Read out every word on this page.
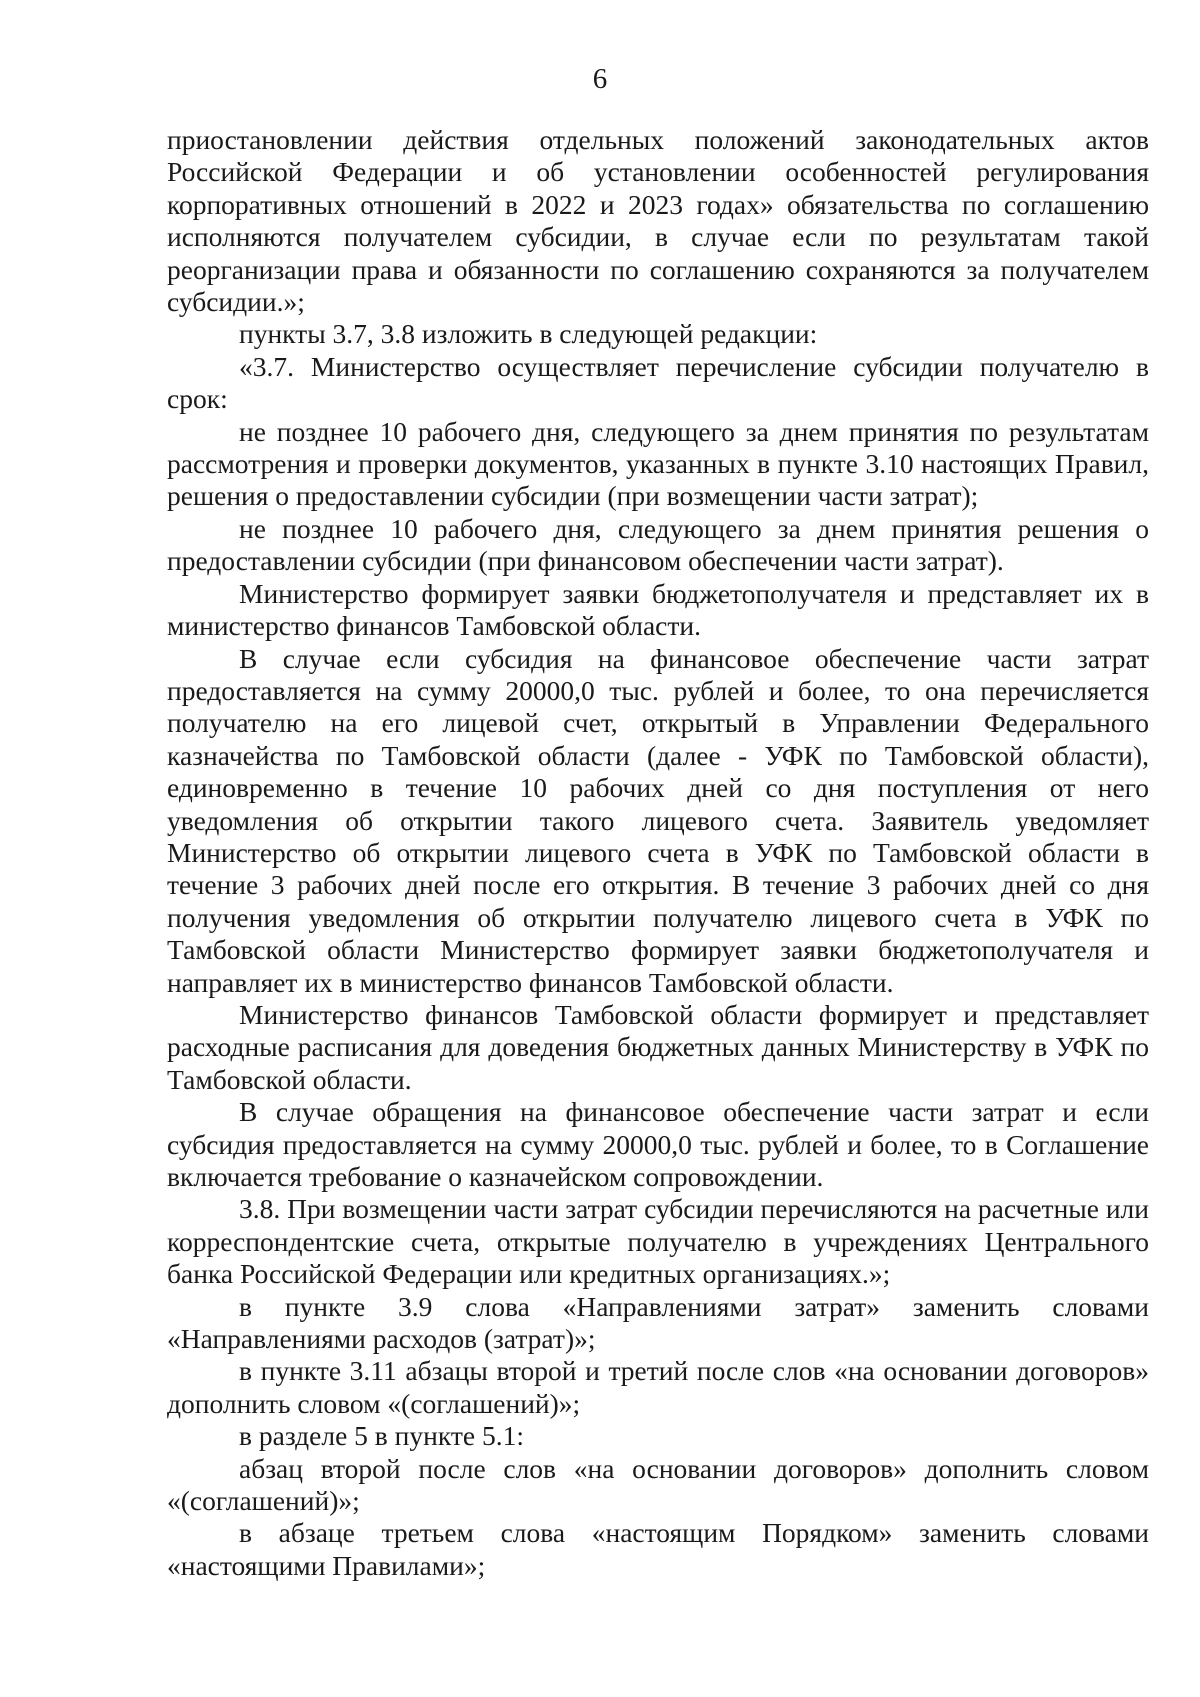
6

приостановлении действия отдельных положений законодательных актов Российской Федерации и об установлении особенностей регулирования корпоративных отношений в 2022 и 2023 годах» обязательства по соглашению исполняются получателем субсидии, в случае если по результатам такой реорганизации права и обязанности по соглашению сохраняются за получателем субсидии.»;

пункты 3.7, 3.8 изложить в следующей редакции:

«3.7. Министерство осуществляет перечисление субсидии получателю в срок:

не позднее 10 рабочего дня, следующего за днем принятия по результатам рассмотрения и проверки документов, указанных в пункте 3.10 настоящих Правил, решения о предоставлении субсидии (при возмещении части затрат);

не позднее 10 рабочего дня, следующего за днем принятия решения о предоставлении субсидии (при финансовом обеспечении части затрат).

Министерство формирует заявки бюджетополучателя и представляет их в министерство финансов Тамбовской области.

В случае если субсидия на финансовое обеспечение части затрат предоставляется на сумму 20000,0 тыс. рублей и более, то она перечисляется получателю на его лицевой счет, открытый в Управлении Федерального казначейства по Тамбовской области (далее - УФК по Тамбовской области), единовременно в течение 10 рабочих дней со дня поступления от него уведомления об открытии такого лицевого счета. Заявитель уведомляет Министерство об открытии лицевого счета в УФК по Тамбовской области в течение 3 рабочих дней после его открытия. В течение 3 рабочих дней со дня получения уведомления об открытии получателю лицевого счета в УФК по Тамбовской области Министерство формирует заявки бюджетополучателя и направляет их в министерство финансов Тамбовской области.

Министерство финансов Тамбовской области формирует и представляет расходные расписания для доведения бюджетных данных Министерству в УФК по Тамбовской области.

В случае обращения на финансовое обеспечение части затрат и если субсидия предоставляется на сумму 20000,0 тыс. рублей и более, то в Соглашение включается требование о казначейском сопровождении.

3.8. При возмещении части затрат субсидии перечисляются на расчетные или корреспондентские счета, открытые получателю в учреждениях Центрального банка Российской Федерации или кредитных организациях.»;

в пункте 3.9 слова «Направлениями затрат» заменить словами «Направлениями расходов (затрат)»;

в пункте 3.11 абзацы второй и третий после слов «на основании договоров» дополнить словом «(соглашений)»;

в разделе 5 в пункте 5.1:

абзац второй после слов «на основании договоров» дополнить словом «(соглашений)»;

в абзаце третьем слова «настоящим Порядком» заменить словами «настоящими Правилами»;
